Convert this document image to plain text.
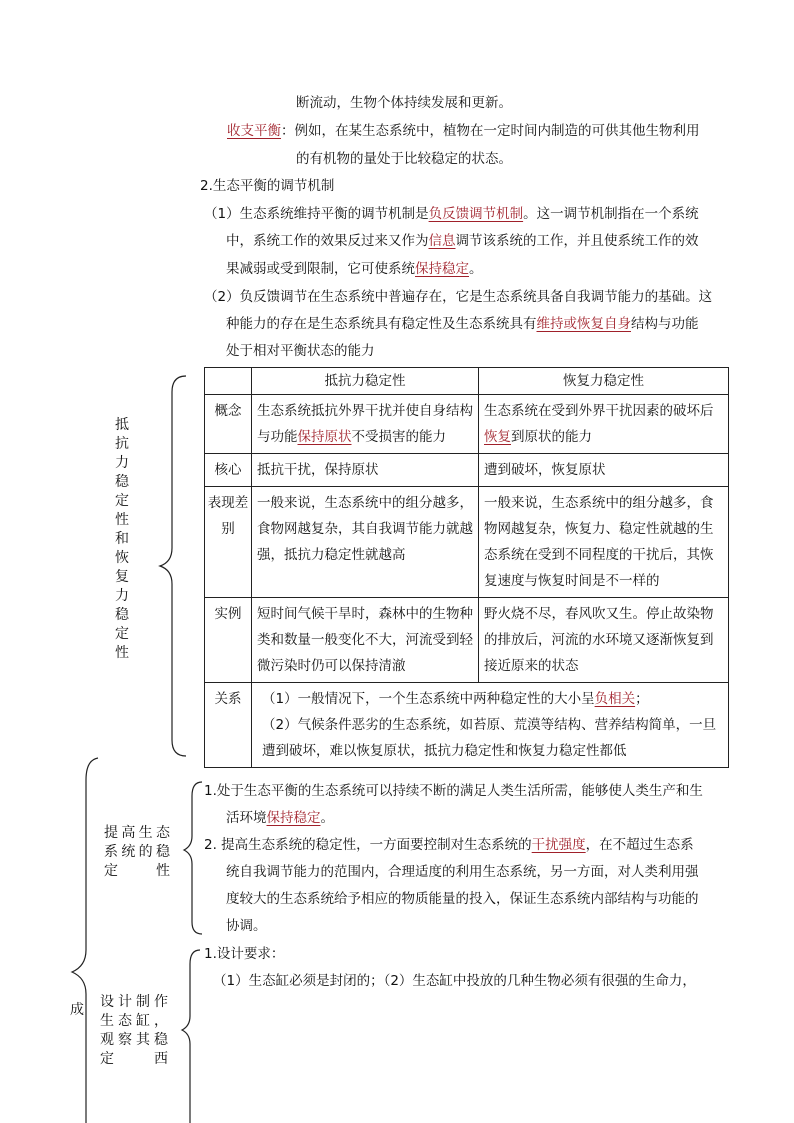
断流动，生物个体持续发展和更新。
收支平衡：例如，在某生态系统中，植物在一定时间内制造的可供其他生物利用
的有机物的量处于比较稳定的状态。
2.生态平衡的调节机制
（1）生态系统维持平衡的调节机制是负反馈调节机制。这一调节机制指在一个系统
中，系统工作的效果反过来又作为信息调节该系统的工作，并且使系统工作的效
果减弱或受到限制，它可使系统保持稳定。
（2）负反馈调节在生态系统中普遍存在，它是生态系统具备自我调节能力的基础。这
种能力的存在是生态系统具有稳定性及生态系统具有维持或恢复自身结构与功能
处于相对平衡状态的能力
抵抗力稳定性和恢复力稳定性
提高生态系统的稳定性
设计制作生态缸，观察其稳定西
成
	抵抗力稳定性	恢复力稳定性
概念	生态系统抵抗外界干扰并使自身结构与功能保持原状不受损害的能力	生态系统在受到外界干扰因素的破坏后恢复到原状的能力
核心	抵抗干扰，保持原状	遭到破坏，恢复原状
表现差别	一般来说，生态系统中的组分越多，食物网越复杂，其自我调节能力就越强，抵抗力稳定性就越高	一般来说，生态系统中的组分越多，食物网越复杂，恢复力、稳定性就越的生态系统在受到不同程度的干扰后，其恢复速度与恢复时间是不一样的
实例	短时间气候干旱时，森林中的生物种类和数量一般变化不大，河流受到轻微污染时仍可以保持清澈	野火烧不尽，春风吹又生。停止故染物的排放后，河流的水环境又逐渐恢复到接近原来的状态
关系	（1）一般情况下，一个生态系统中两种稳定性的大小呈负相关；
（2）气候条件恶劣的生态系统，如苔原、荒漠等结构、营养结构简单，一旦遭到破坏，难以恢复原状，抵抗力稳定性和恢复力稳定性都低	
1.处于生态平衡的生态系统可以持续不断的满足人类生活所需，能够使人类生产和生
活环境保持稳定。
2. 提高生态系统的稳定性，一方面要控制对生态系统的干扰强度，在不超过生态系
统自我调节能力的范围内，合理适度的利用生态系统，另一方面，对人类利用强
度较大的生态系统给予相应的物质能量的投入，保证生态系统内部结构与功能的
协调。
1.设计要求：
（1）生态缸必须是封闭的；（2）生态缸中投放的几种生物必须有很强的生命力，
